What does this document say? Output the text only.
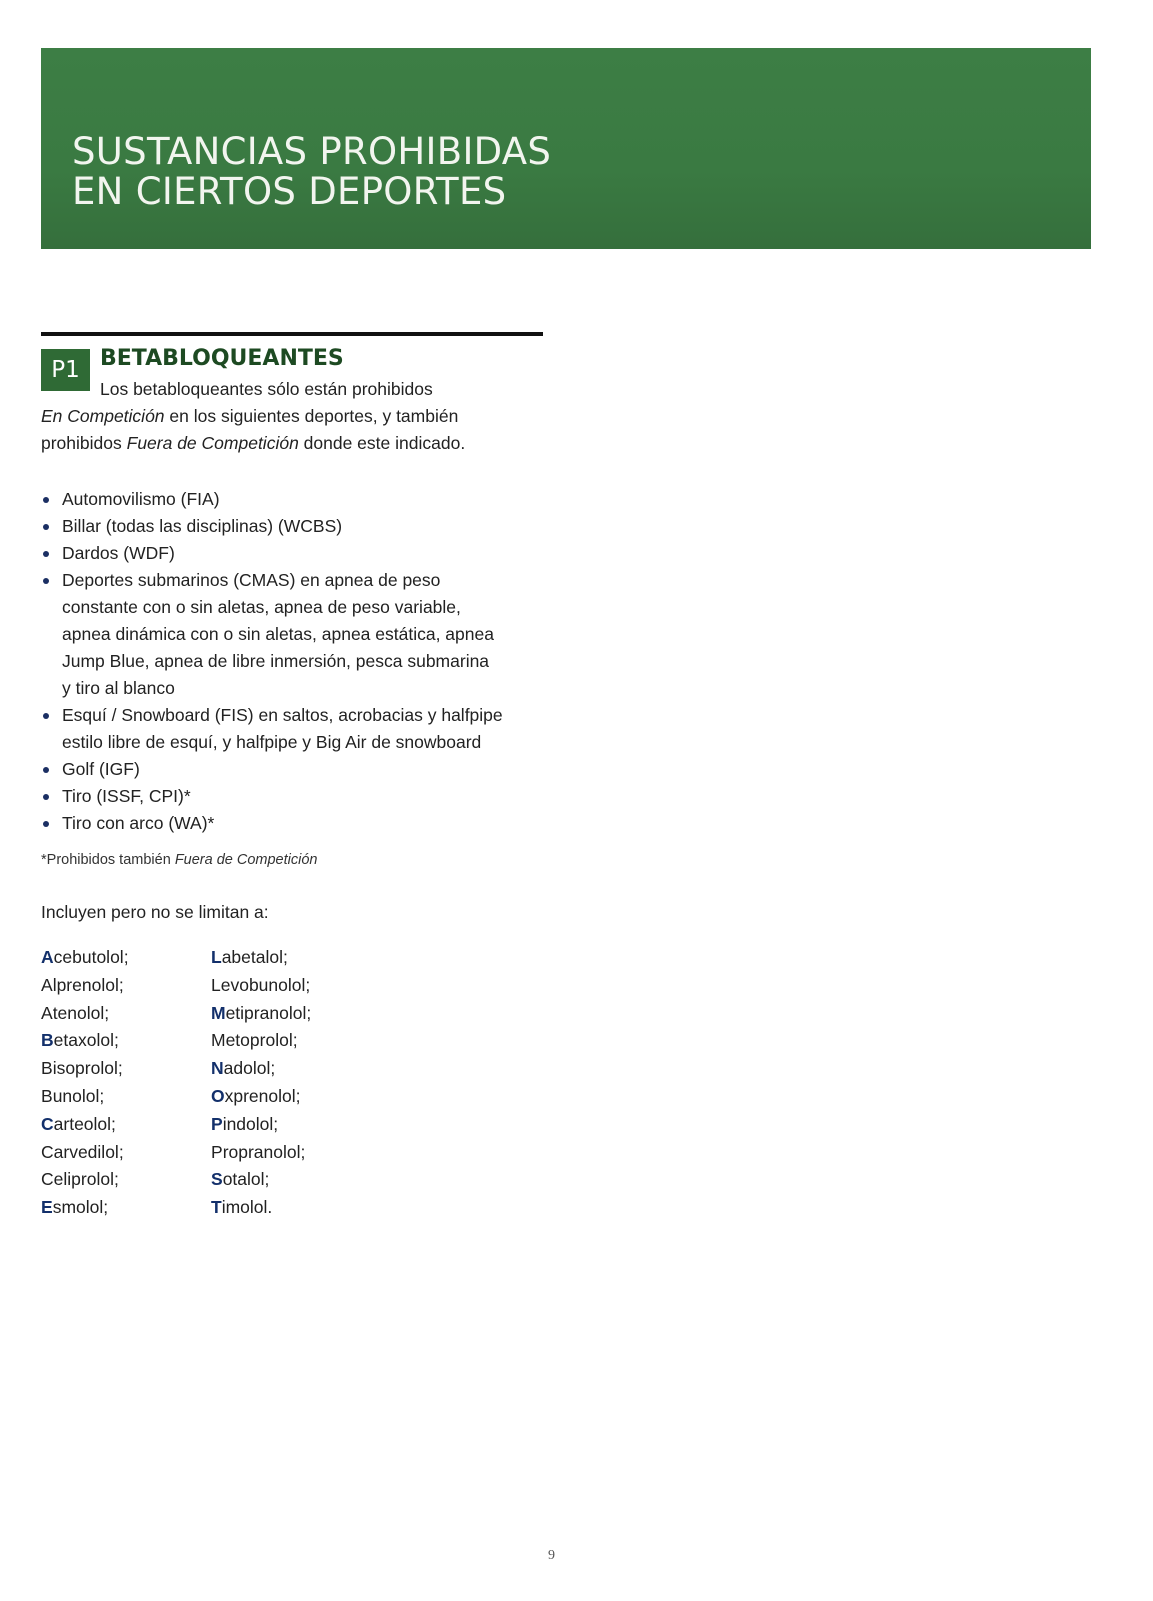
SUSTANCIAS PROHIBIDAS
EN CIERTOS DEPORTES
P1 BETABLOQUEANTES
Los betabloqueantes sólo están prohibidos
En Competición en los siguientes deportes, y también
prohibidos Fuera de Competición donde este indicado.
Automovilismo (FIA)
Billar (todas las disciplinas) (WCBS)
Dardos (WDF)
Deportes submarinos (CMAS) en apnea de peso
constante con o sin aletas, apnea de peso variable,
apnea dinámica con o sin aletas, apnea estática, apnea
Jump Blue, apnea de libre inmersión, pesca submarina
y tiro al blanco
Esquí / Snowboard (FIS) en saltos, acrobacias y halfpipe
estilo libre de esquí, y halfpipe y Big Air de snowboard
Golf (IGF)
Tiro (ISSF, CPI)*
Tiro con arco (WA)*
*Prohibidos también Fuera de Competición
Incluyen pero no se limitan a:
Acebutolol;
Alprenolol;
Atenolol;
Betaxolol;
Bisoprolol;
Bunolol;
Carteolol;
Carvedilol;
Celiprolol;
Esmolol;
Labetalol;
Levobunolol;
Metipranolol;
Metoprolol;
Nadolol;
Oxprenolol;
Pindolol;
Propranolol;
Sotalol;
Timolol.
9
